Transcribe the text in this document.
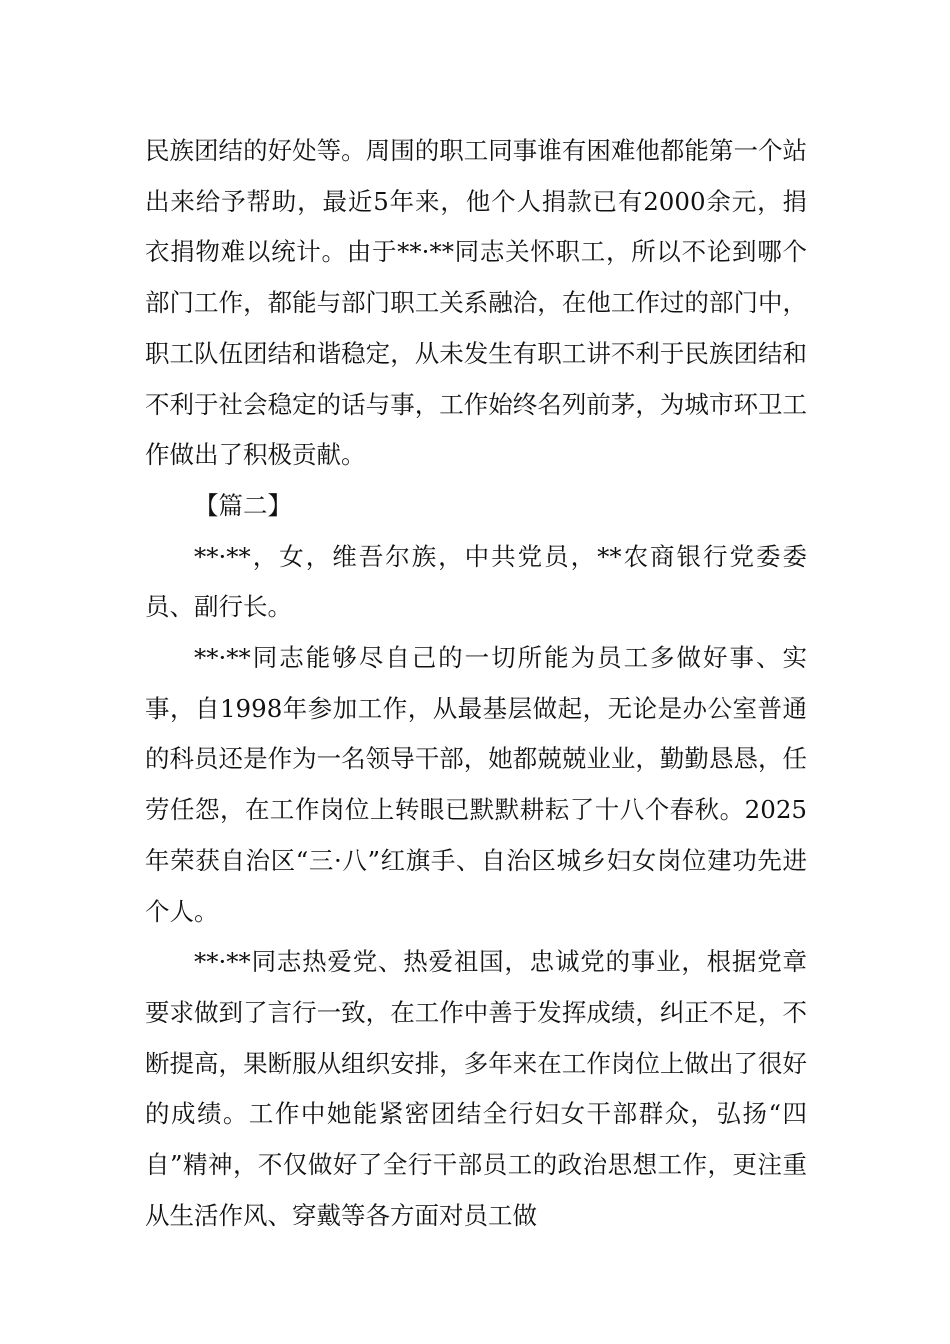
民族团结的好处等。周围的职工同事谁有困难他都能第一个站出来给予帮助，最近5年来，他个人捐款已有2000余元，捐衣捐物难以统计。由于**·**同志关怀职工，所以不论到哪个部门工作，都能与部门职工关系融洽，在他工作过的部门中，职工队伍团结和谐稳定，从未发生有职工讲不利于民族团结和不利于社会稳定的话与事，工作始终名列前茅，为城市环卫工作做出了积极贡献。

【篇二】

**·**，女，维吾尔族，中共党员，**农商银行党委委员、副行长。

**·**同志能够尽自己的一切所能为员工多做好事、实事，自1998年参加工作，从最基层做起，无论是办公室普通的科员还是作为一名领导干部，她都兢兢业业，勤勤恳恳，任劳任怨，在工作岗位上转眼已默默耕耘了十八个春秋。2025年荣获自治区“三·八”红旗手、自治区城乡妇女岗位建功先进个人。

**·**同志热爱党、热爱祖国，忠诚党的事业，根据党章要求做到了言行一致，在工作中善于发挥成绩，纠正不足，不断提高，果断服从组织安排，多年来在工作岗位上做出了很好的成绩。工作中她能紧密团结全行妇女干部群众，弘扬“四自”精神，不仅做好了全行干部员工的政治思想工作，更注重从生活作风、穿戴等各方面对员工做
